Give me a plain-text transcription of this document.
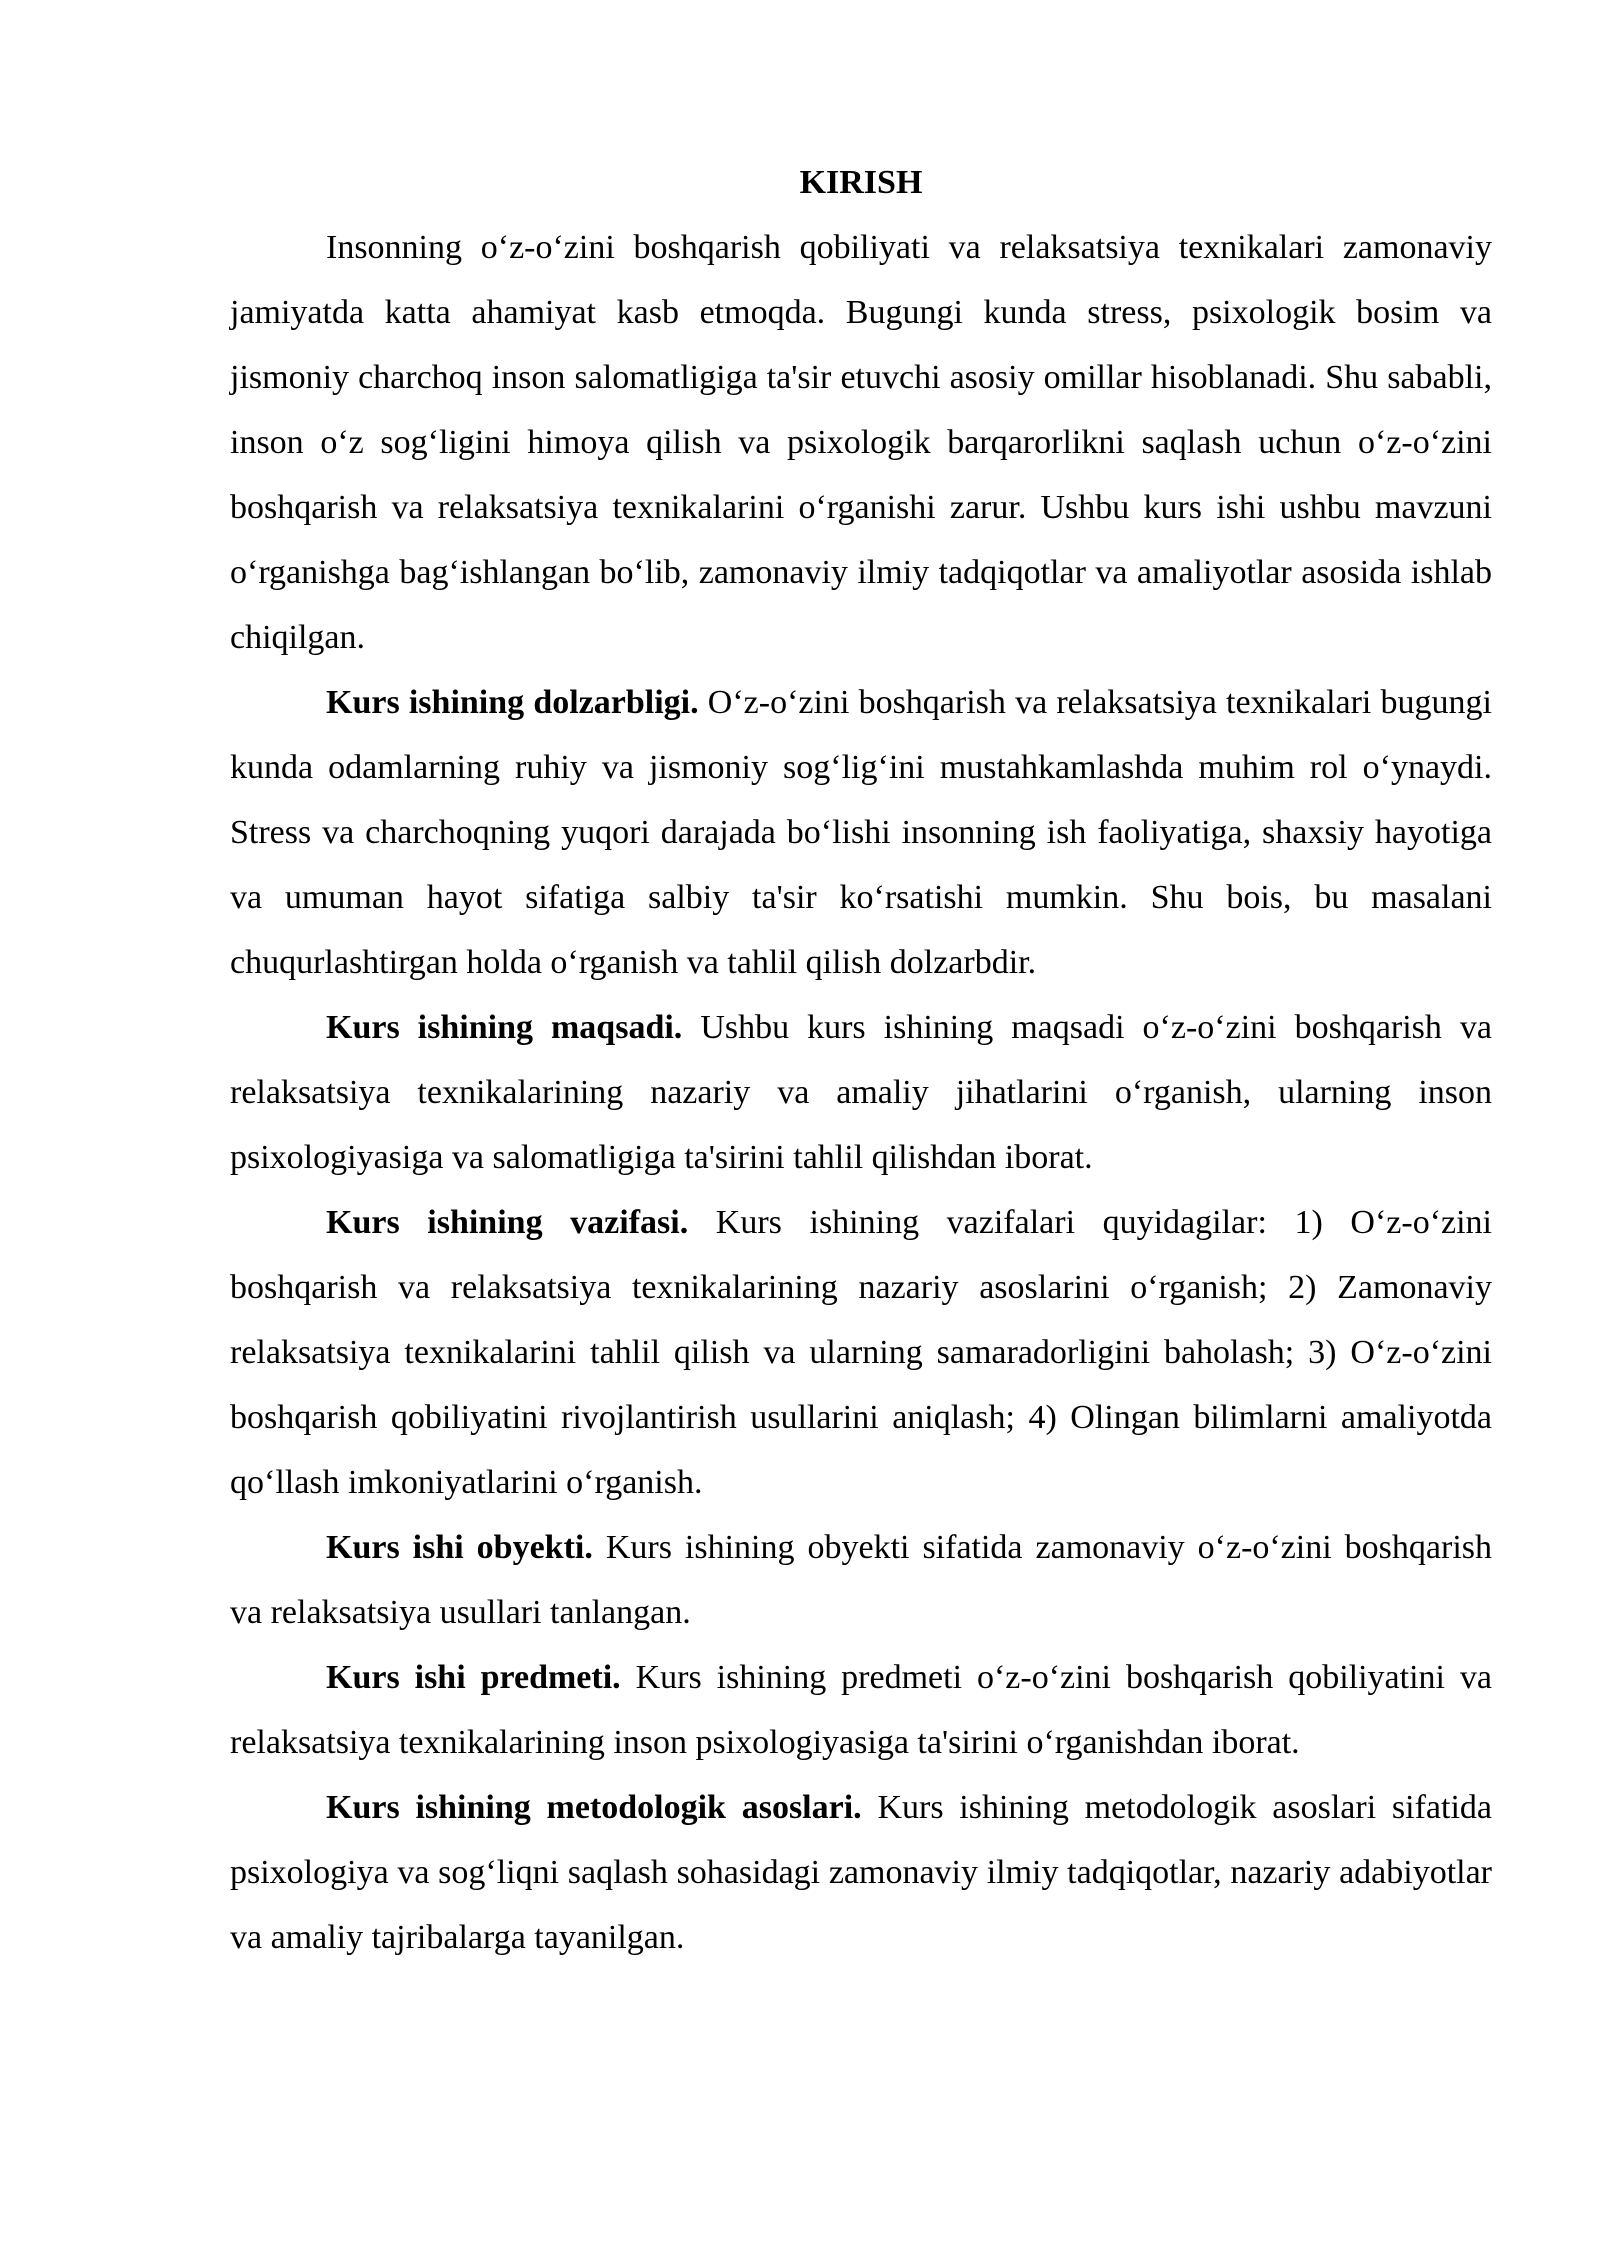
KIRISH

Insonning o‘z-o‘zini boshqarish qobiliyati va relaksatsiya texnikalari zamonaviy jamiyatda katta ahamiyat kasb etmoqda. Bugungi kunda stress, psixologik bosim va jismoniy charchoq inson salomatligiga ta'sir etuvchi asosiy omillar hisoblanadi. Shu sababli, inson o‘z sog‘ligini himoya qilish va psixologik barqarorlikni saqlash uchun o‘z-o‘zini boshqarish va relaksatsiya texnikalarini o‘rganishi zarur. Ushbu kurs ishi ushbu mavzuni o‘rganishga bag‘ishlangan bo‘lib, zamonaviy ilmiy tadqiqotlar va amaliyotlar asosida ishlab chiqilgan.

Kurs ishining dolzarbligi. O‘z-o‘zini boshqarish va relaksatsiya texnikalari bugungi kunda odamlarning ruhiy va jismoniy sog‘lig‘ini mustahkamlashda muhim rol o‘ynaydi. Stress va charchoqning yuqori darajada bo‘lishi insonning ish faoliyatiga, shaxsiy hayotiga va umuman hayot sifatiga salbiy ta'sir ko‘rsatishi mumkin. Shu bois, bu masalani chuqurlashtirgan holda o‘rganish va tahlil qilish dolzarbdir.

Kurs ishining maqsadi. Ushbu kurs ishining maqsadi o‘z-o‘zini boshqarish va relaksatsiya texnikalarining nazariy va amaliy jihatlarini o‘rganish, ularning inson psixologiyasiga va salomatligiga ta'sirini tahlil qilishdan iborat.

Kurs ishining vazifasi. Kurs ishining vazifalari quyidagilar: 1) O‘z-o‘zini boshqarish va relaksatsiya texnikalarining nazariy asoslarini o‘rganish; 2) Zamonaviy relaksatsiya texnikalarini tahlil qilish va ularning samaradorligini baholash; 3) O‘z-o‘zini boshqarish qobiliyatini rivojlantirish usullarini aniqlash; 4) Olingan bilimlarni amaliyotda qo‘llash imkoniyatlarini o‘rganish.

Kurs ishi obyekti. Kurs ishining obyekti sifatida zamonaviy o‘z-o‘zini boshqarish va relaksatsiya usullari tanlangan.

Kurs ishi predmeti. Kurs ishining predmeti o‘z-o‘zini boshqarish qobiliyatini va relaksatsiya texnikalarining inson psixologiyasiga ta'sirini o‘rganishdan iborat.

Kurs ishining metodologik asoslari. Kurs ishining metodologik asoslari sifatida psixologiya va sog‘liqni saqlash sohasidagi zamonaviy ilmiy tadqiqotlar, nazariy adabiyotlar va amaliy tajribalarga tayanilgan.
